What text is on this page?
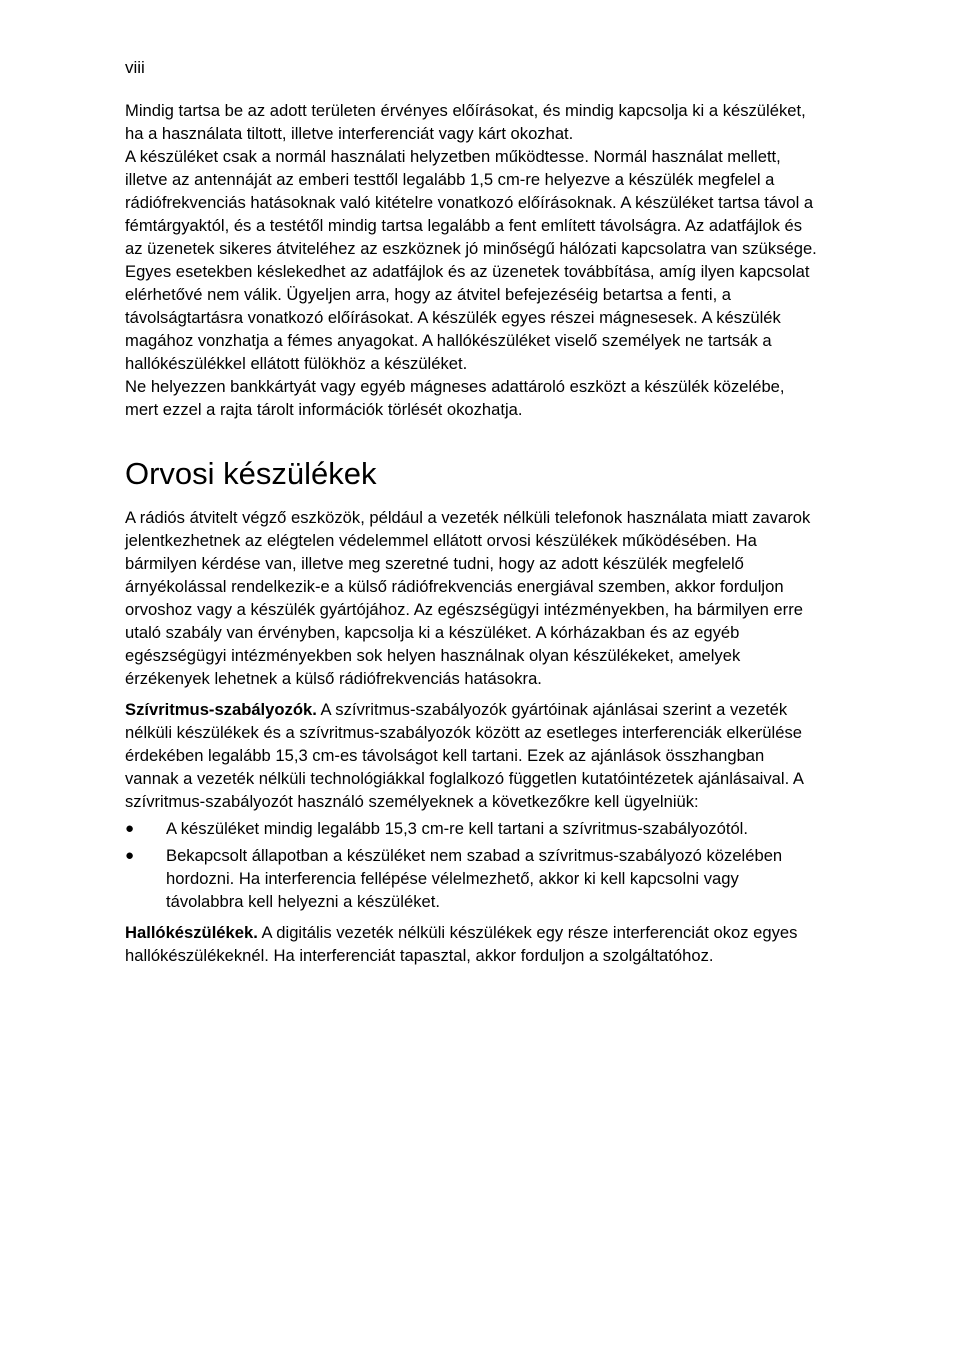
viii

Mindig tartsa be az adott területen érvényes előírásokat, és mindig kapcsolja ki a készüléket, ha a használata tiltott, illetve interferenciát vagy kárt okozhat.

A készüléket csak a normál használati helyzetben működtesse. Normál használat mellett, illetve az antennáját az emberi testtől legalább 1,5 cm-re helyezve a készülék megfelel a rádiófrekvenciás hatásoknak való kitételre vonatkozó előírásoknak. A készüléket tartsa távol a fémtárgyaktól, és a testétől mindig tartsa legalább a fent említett távolságra. Az adatfájlok és az üzenetek sikeres átviteléhez az eszköznek jó minőségű hálózati kapcsolatra van szüksége. Egyes esetekben késlekedhet az adatfájlok és az üzenetek továbbítása, amíg ilyen kapcsolat elérhetővé nem válik. Ügyeljen arra, hogy az átvitel befejezéséig betartsa a fenti, a távolságtartásra vonatkozó előírásokat. A készülék egyes részei mágnesesek. A készülék magához vonzhatja a fémes anyagokat. A hallókészüléket viselő személyek ne tartsák a hallókészülékkel ellátott fülökhöz a készüléket.

Ne helyezzen bankkártyát vagy egyéb mágneses adattároló eszközt a készülék közelébe, mert ezzel a rajta tárolt információk törlését okozhatja.

Orvosi készülékek

A rádiós átvitelt végző eszközök, például a vezeték nélküli telefonok használata miatt zavarok jelentkezhetnek az elégtelen védelemmel ellátott orvosi készülékek működésében. Ha bármilyen kérdése van, illetve meg szeretné tudni, hogy az adott készülék megfelelő árnyékolással rendelkezik-e a külső rádiófrekvenciás energiával szemben, akkor forduljon orvoshoz vagy a készülék gyártójához. Az egészségügyi intézményekben, ha bármilyen erre utaló szabály van érvényben, kapcsolja ki a készüléket. A kórházakban és az egyéb egészségügyi intézményekben sok helyen használnak olyan készülékeket, amelyek érzékenyek lehetnek a külső rádiófrekvenciás hatásokra.

Szívritmus-szabályozók. A szívritmus-szabályozók gyártóinak ajánlásai szerint a vezeték nélküli készülékek és a szívritmus-szabályozók között az esetleges interferenciák elkerülése érdekében legalább 15,3 cm-es távolságot kell tartani. Ezek az ajánlások összhangban vannak a vezeték nélküli technológiákkal foglalkozó független kutatóintézetek ajánlásaival. A szívritmus-szabályozót használó személyeknek a következőkre kell ügyelniük:

● A készüléket mindig legalább 15,3 cm-re kell tartani a szívritmus-szabályozótól.
● Bekapcsolt állapotban a készüléket nem szabad a szívritmus-szabályozó közelében hordozni. Ha interferencia fellépése vélelmezhető, akkor ki kell kapcsolni vagy távolabbra kell helyezni a készüléket.

Hallókészülékek. A digitális vezeték nélküli készülékek egy része interferenciát okoz egyes hallókészülékeknél. Ha interferenciát tapasztal, akkor forduljon a szolgáltatóhoz.
